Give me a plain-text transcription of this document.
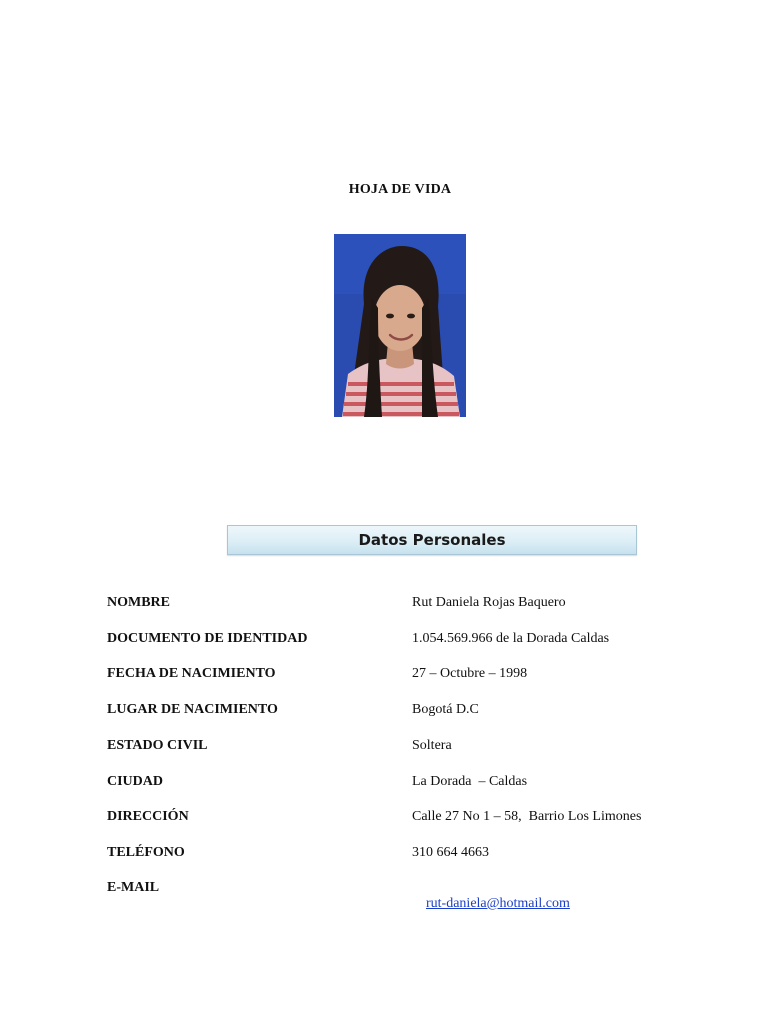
HOJA DE VIDA
Datos Personales
NOMBRE	Rut Daniela Rojas Baquero
DOCUMENTO DE IDENTIDAD	1.054.569.966 de la Dorada Caldas
FECHA DE NACIMIENTO	27 – Octubre – 1998
LUGAR DE NACIMIENTO	Bogotá D.C
ESTADO CIVIL	Soltera
CIUDAD	La Dorada  – Caldas
DIRECCIÓN	Calle 27 No 1 – 58,  Barrio Los Limones
TELÉFONO	310 664 4663
E-MAIL

rut-daniela@hotmail.com
